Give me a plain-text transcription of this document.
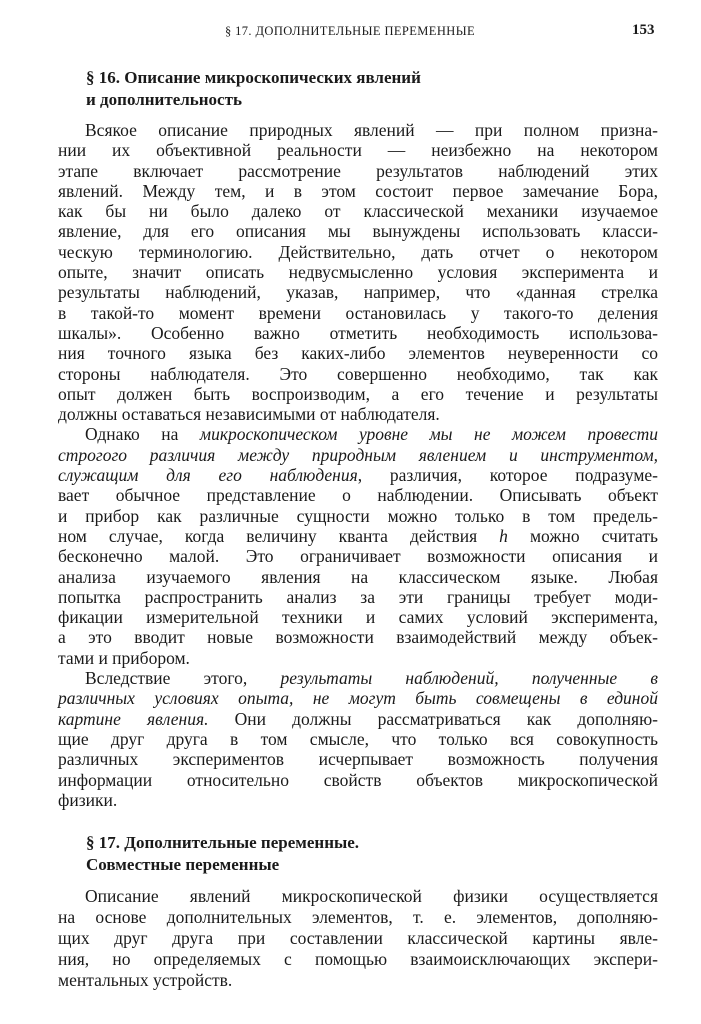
§ 17. ДОПОЛНИТЕЛЬНЫЕ ПЕРЕМЕННЫЕ	153
§ 16. Описание микроскопических явлений
и дополнительность
Всякое описание природных явлений — при полном призна-
нии их объективной реальности — неизбежно на некотором
этапе включает рассмотрение результатов наблюдений этих
явлений. Между тем, и в этом состоит первое замечание Бора,
как бы ни было далеко от классической механики изучаемое
явление, для его описания мы вынуждены использовать класси-
ческую терминологию. Действительно, дать отчет о некотором
опыте, значит описать недвусмысленно условия эксперимента и
результаты наблюдений, указав, например, что «данная стрелка
в такой-то момент времени остановилась у такого-то деления
шкалы». Особенно важно отметить необходимость использова-
ния точного языка без каких-либо элементов неуверенности со
стороны наблюдателя. Это совершенно необходимо, так как
опыт должен быть воспроизводим, а его течение и результаты
должны оставаться независимыми от наблюдателя.
Однако на микроскопическом уровне мы не можем провести
строгого различия между природным явлением и инструментом,
служащим для его наблюдения, различия, которое подразуме-
вает обычное представление о наблюдении. Описывать объект
и прибор как различные сущности можно только в том предель-
ном случае, когда величину кванта действия h можно считать
бесконечно малой. Это ограничивает возможности описания и
анализа изучаемого явления на классическом языке. Любая
попытка распространить анализ за эти границы требует моди-
фикации измерительной техники и самих условий эксперимента,
а это вводит новые возможности взаимодействий между объек-
тами и прибором.
Вследствие этого, результаты наблюдений, полученные в
различных условиях опыта, не могут быть совмещены в единой
картине явления. Они должны рассматриваться как дополняю-
щие друг друга в том смысле, что только вся совокупность
различных экспериментов исчерпывает возможность получения
информации относительно свойств объектов микроскопической
физики.
§ 17. Дополнительные переменные.
Совместные переменные
Описание явлений микроскопической физики осуществляется
на основе дополнительных элементов, т. е. элементов, дополняю-
щих друг друга при составлении классической картины явле-
ния, но определяемых с помощью взаимоисключающих экспери-
ментальных устройств.
